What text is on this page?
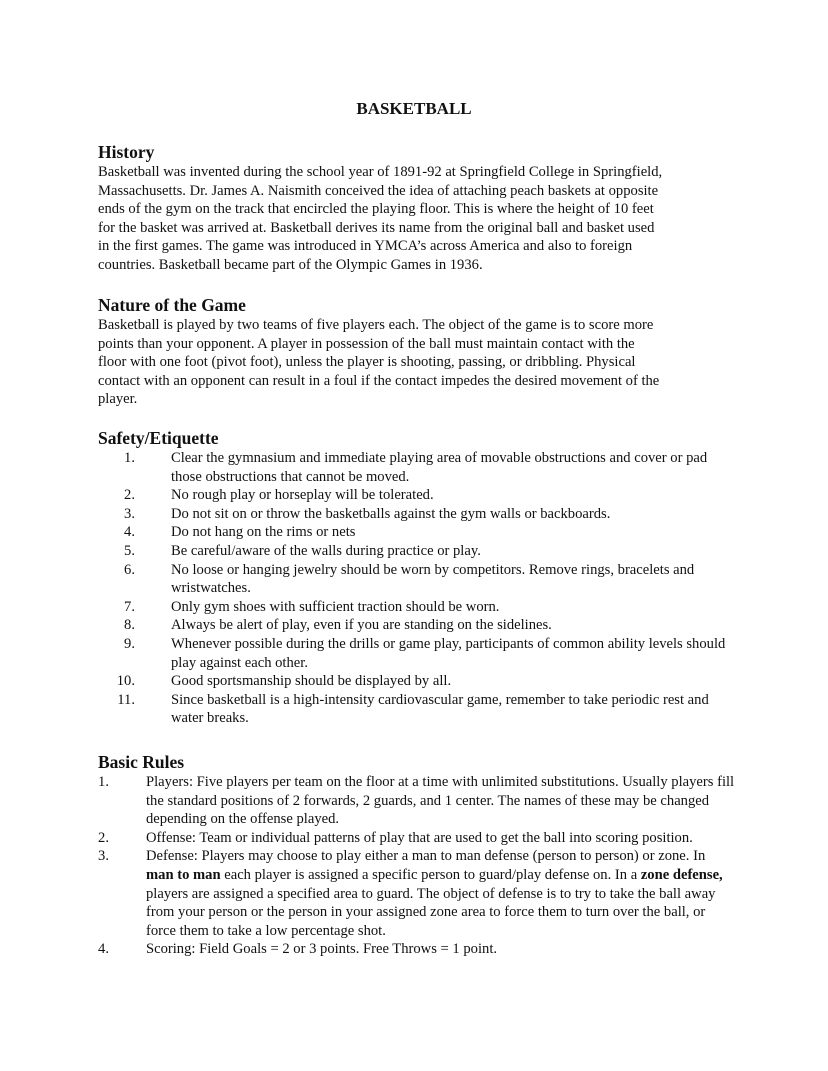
BASKETBALL
History
Basketball was invented during the school year of 1891-92 at Springfield College in Springfield,
Massachusetts. Dr. James A. Naismith conceived the idea of attaching peach baskets at opposite
ends of the gym on the track that encircled the playing floor. This is where the height of 10 feet
for the basket was arrived at. Basketball derives its name from the original ball and basket used
in the first games. The game was introduced in YMCA’s across America and also to foreign
countries. Basketball became part of the Olympic Games in 1936.
Nature of the Game
Basketball is played by two teams of five players each. The object of the game is to score more
points than your opponent. A player in possession of the ball must maintain contact with the
floor with one foot (pivot foot), unless the player is shooting, passing, or dribbling. Physical
contact with an opponent can result in a foul if the contact impedes the desired movement of the
player.
Safety/Etiquette
1. Clear the gymnasium and immediate playing area of movable obstructions and cover or pad those obstructions that cannot be moved.
2. No rough play or horseplay will be tolerated.
3. Do not sit on or throw the basketballs against the gym walls or backboards.
4. Do not hang on the rims or nets
5. Be careful/aware of the walls during practice or play.
6. No loose or hanging jewelry should be worn by competitors. Remove rings, bracelets and wristwatches.
7. Only gym shoes with sufficient traction should be worn.
8. Always be alert of play, even if you are standing on the sidelines.
9. Whenever possible during the drills or game play, participants of common ability levels should play against each other.
10. Good sportsmanship should be displayed by all.
11. Since basketball is a high-intensity cardiovascular game, remember to take periodic rest and water breaks.
Basic Rules
1.	Players: Five players per team on the floor at a time with unlimited substitutions. Usually players fill the standard positions of 2 forwards, 2 guards, and 1 center. The names of these may be changed depending on the offense played.
2.	Offense: Team or individual patterns of play that are used to get the ball into scoring position.
3.	Defense: Players may choose to play either a man to man defense (person to person) or zone. In man to man each player is assigned a specific person to guard/play defense on. In a zone defense, players are assigned a specified area to guard. The object of defense is to try to take the ball away from your person or the person in your assigned zone area to force them to turn over the ball, or force them to take a low percentage shot.
4.	Scoring: Field Goals = 2 or 3 points. Free Throws = 1 point.
